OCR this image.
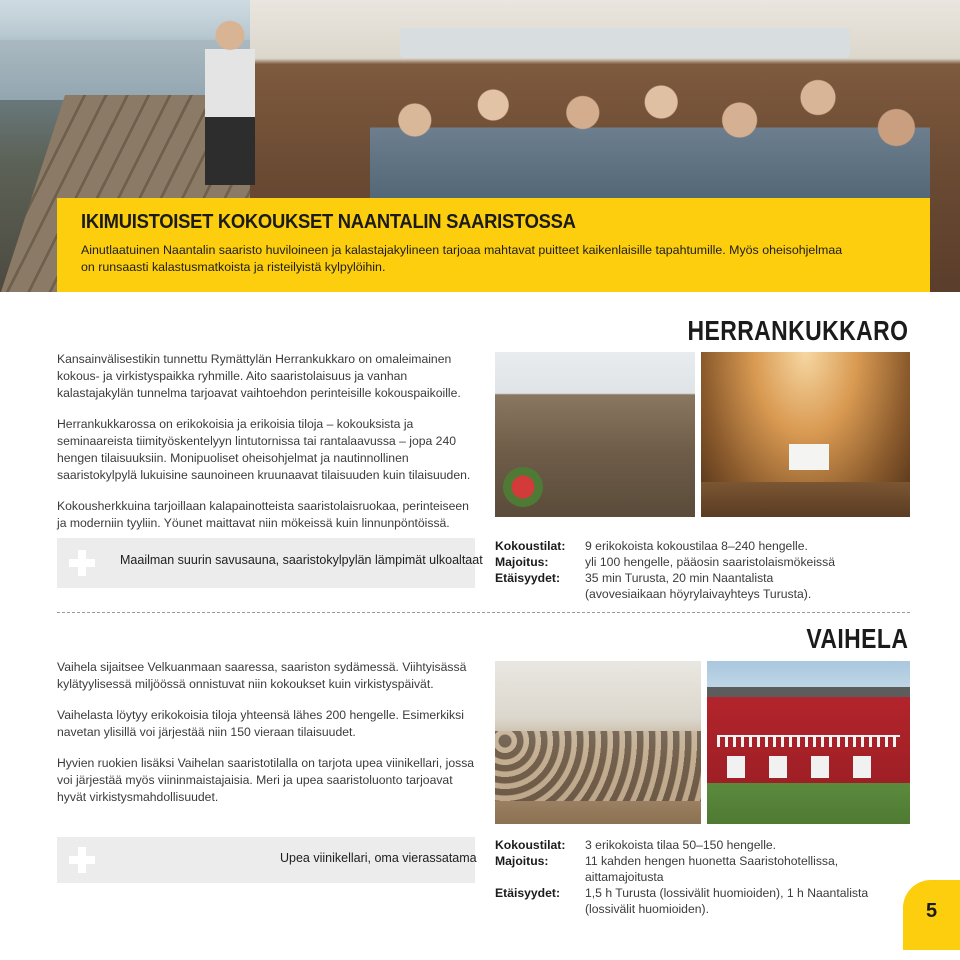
IKIMUISTOISET KOKOUKSET NAANTALIN SAARISTOSSA

Ainutlaatuinen Naantalin saaristo huviloineen ja kalastajakylineen tarjoaa mahtavat puitteet kaikenlaisille tapahtumille. Myös oheisohjelmaa
on runsaasti kalastusmatkoista ja risteilyistä kylpylöihin.

HERRANKUKKARO

Kansainvälisestikin tunnettu Rymättylän Herrankukkaro on omaleimainen kokous- ja virkistyspaikka ryhmille. Aito saaristolaisuus ja vanhan kalastajakylän tunnelma tarjoavat vaihtoehdon perinteisille kokouspaikoille.

Herrankukkarossa on erikokoisia ja erikoisia tiloja – kokouksista ja seminaareista tiimityöskentelyyn lintutornissa tai rantalaavussa – jopa 240 hengen tilaisuuksiin. Monipuoliset oheisohjelmat ja nautinnollinen saaristokylpylä lukuisine saunoineen kruunaavat tilaisuuden kuin tilaisuuden.

Kokousherkkuina tarjoillaan kalapainotteista saaristolaisruokaa, perinteiseen ja moderniin tyyliin. Yöunet maittavat niin mökeissä kuin linnunpöntöissä.

Maailman suurin savusauna, saaristokylpylän lämpimät ulkoaltaat
Kokoustilat:	9 erikokoista kokoustilaa 8–240 hengelle.
Majoitus:	yli 100 hengelle, pääosin saaristolaismökeissä
Etäisyydet:	35 min Turusta, 20 min Naantalista
(avovesiaikaan höyrylaivayhteys Turusta).
VAIHELA

Vaihela sijaitsee Velkuanmaan saaressa, saariston sydämessä. Viihtyisässä kylätyylisessä miljöössä onnistuvat niin kokoukset kuin virkistyspäivät.

Vaihelasta löytyy erikokoisia tiloja yhteensä lähes 200 hengelle. Esimerkiksi navetan ylisillä voi järjestää niin 150 vieraan tilaisuudet.

Hyvien ruokien lisäksi Vaihelan saaristotilalla on tarjota upea viinikellari, jossa voi järjestää myös viininmaistajaisia. Meri ja upea saaristoluonto tarjoavat hyvät virkistysmahdollisuudet.

Upea viinikellari, oma vierassatama
Kokoustilat:	3 erikokoista tilaa 50–150 hengelle.
Majoitus:	11 kahden hengen huonetta Saaristohotellissa, aittamajoitusta
Etäisyydet:	1,5 h Turusta (lossivälit huomioiden), 1 h Naantalista
(lossivälit huomioiden).	5
